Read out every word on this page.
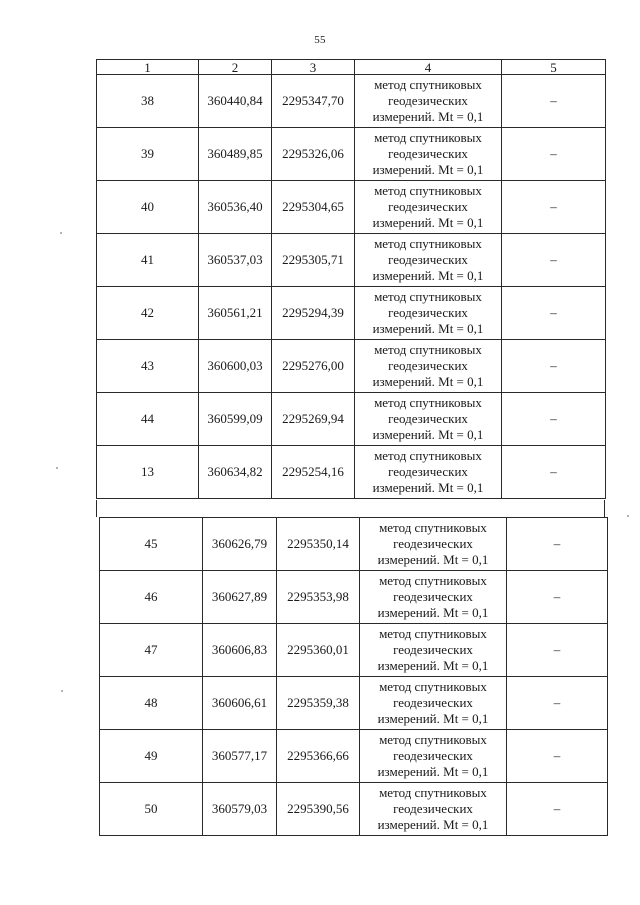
55
1	2	3	4	5
38	360440,84	2295347,70	метод спутниковых
геодезических
измерений. Mt = 0,1	–
39	360489,85	2295326,06	метод спутниковых
геодезических
измерений. Mt = 0,1	–
40	360536,40	2295304,65	метод спутниковых
геодезических
измерений. Mt = 0,1	–
41	360537,03	2295305,71	метод спутниковых
геодезических
измерений. Mt = 0,1	–
42	360561,21	2295294,39	метод спутниковых
геодезических
измерений. Mt = 0,1	–
43	360600,03	2295276,00	метод спутниковых
геодезических
измерений. Mt = 0,1	–
44	360599,09	2295269,94	метод спутниковых
геодезических
измерений. Mt = 0,1	–
13	360634,82	2295254,16	метод спутниковых
геодезических
измерений. Mt = 0,1	–
45	360626,79	2295350,14	метод спутниковых
геодезических
измерений. Mt = 0,1	–
46	360627,89	2295353,98	метод спутниковых
геодезических
измерений. Mt = 0,1	–
47	360606,83	2295360,01	метод спутниковых
геодезических
измерений. Mt = 0,1	–
48	360606,61	2295359,38	метод спутниковых
геодезических
измерений. Mt = 0,1	–
49	360577,17	2295366,66	метод спутниковых
геодезических
измерений. Mt = 0,1	–
50	360579,03	2295390,56	метод спутниковых
геодезических
измерений. Mt = 0,1	–
